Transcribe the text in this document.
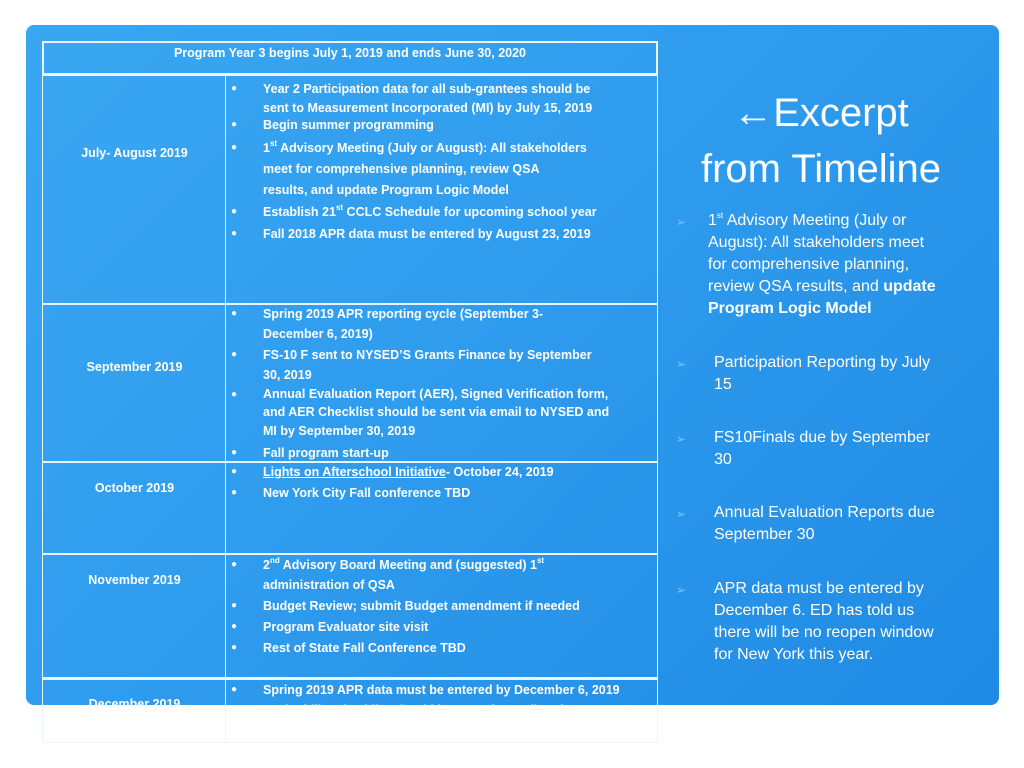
Program Year 3 begins July 1, 2019 and ends June 30, 2020
July- August 2019
● Year 2 Participation data for all sub-grantees should be
sent to Measurement Incorporated (MI) by July 15, 2019
● Begin summer programming
● 1st Advisory Meeting (July or August): All stakeholders
meet for comprehensive planning, review QSA
results, and update Program Logic Model
● Establish 21st CCLC Schedule for upcoming school year
● Fall 2018 APR data must be entered by August 23, 2019
September 2019
● Spring 2019 APR reporting cycle (September 3-
December 6, 2019)
● FS-10 F sent to NYSED’S Grants Finance by September
30, 2019
● Annual Evaluation Report (AER), Signed Verification form,
and AER Checklist should be sent via email to NYSED and
MI by September 30, 2019
● Fall program start-up
October 2019
● Lights on Afterschool Initiative- October 24, 2019
● New York City Fall conference TBD
November 2019
● 2nd Advisory Board Meeting and (suggested) 1st
administration of QSA
● Budget Review; submit Budget amendment if needed
● Program Evaluator site visit
● Rest of State Fall Conference TBD
December 2019
● Spring 2019 APR data must be entered by December 6, 2019
● Evaluability checklist should be sent via email to the
appropriate Resource Center by December 31, 2019
←Excerpt
from Timeline
➢ 1st Advisory Meeting (July or
August): All stakeholders meet
for comprehensive planning,
review QSA results, and update
Program Logic Model
➢ Participation Reporting by July
15
➢ FS10Finals due by September
30
➢ Annual Evaluation Reports due
September 30
➢ APR data must be entered by
December 6. ED has told us
there will be no reopen window
for New York this year.
